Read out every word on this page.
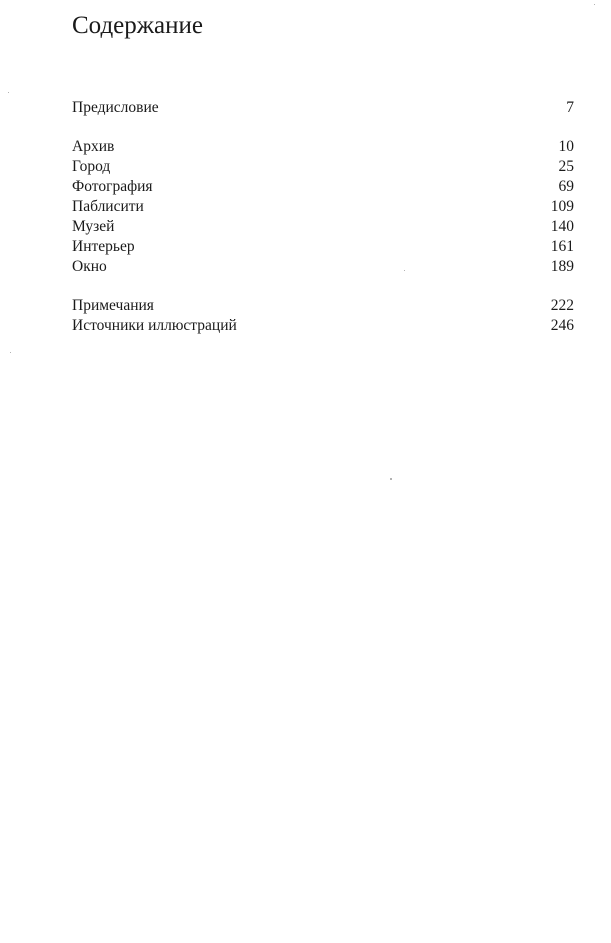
Содержание
Предисловие	7
Архив	10
Город	25
Фотография	69
Паблисити	109
Музей	140
Интерьер	161
Окно	189
Примечания	222
Источники иллюстраций	246
